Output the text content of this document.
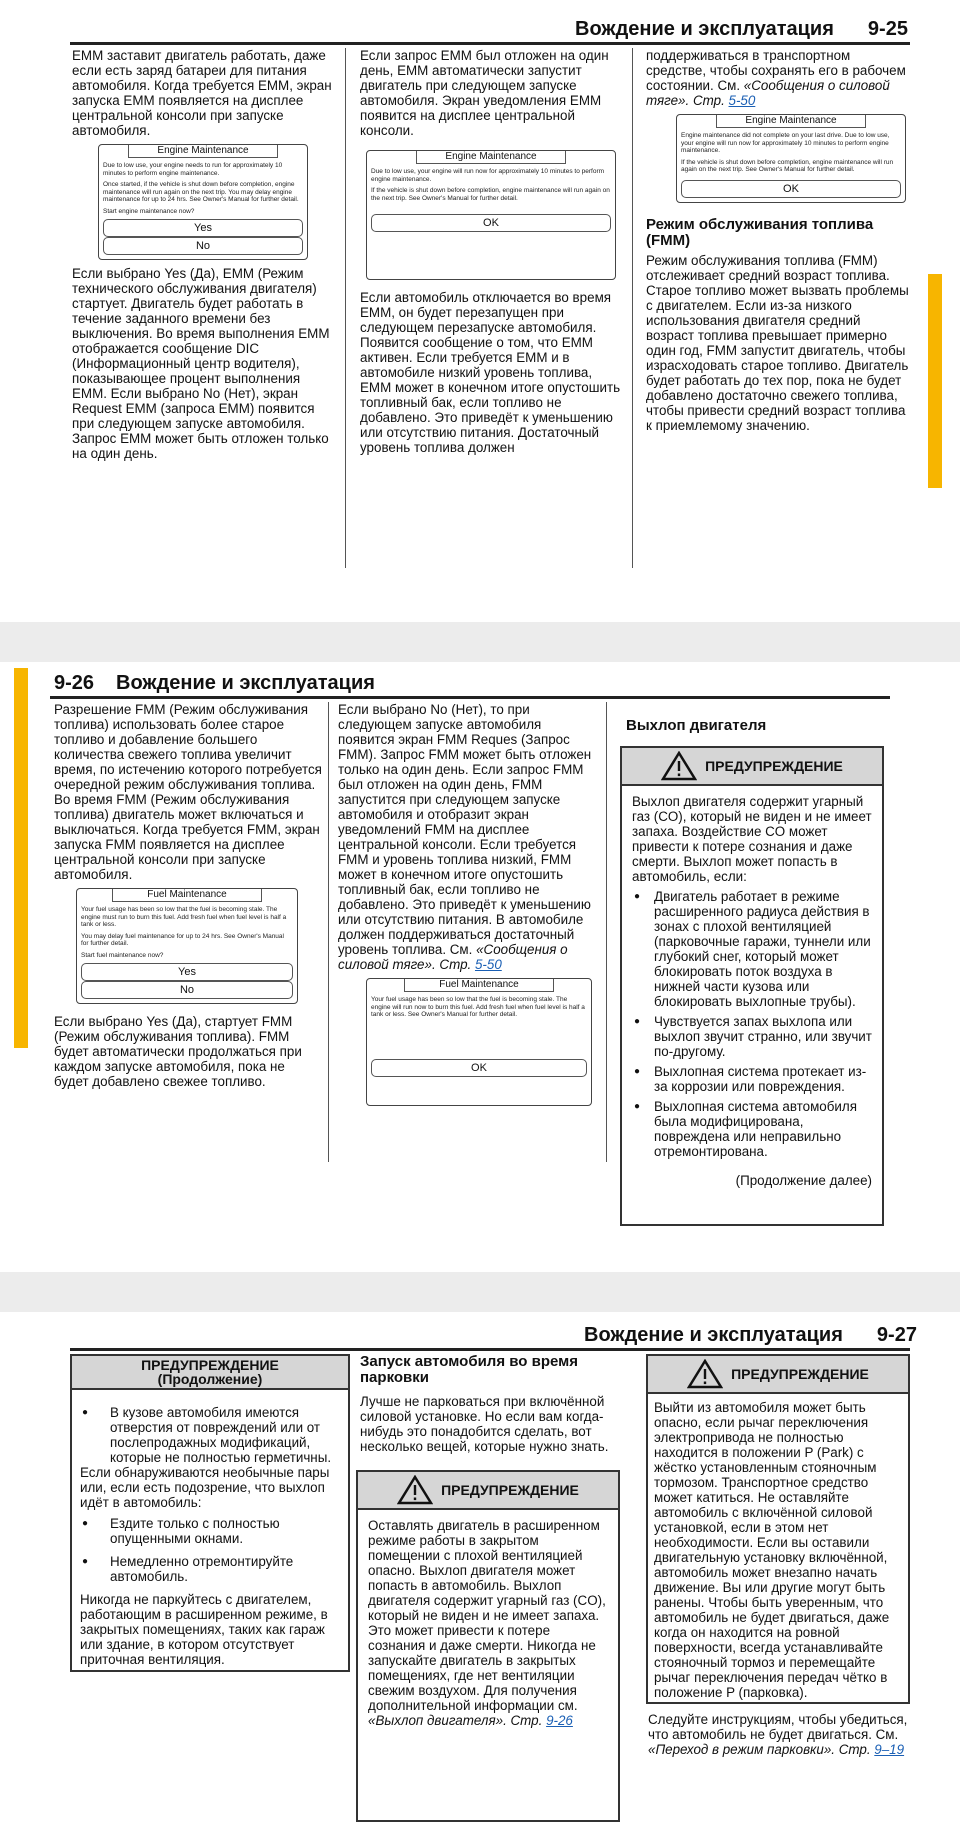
Вождение и эксплуатация 9-25

EMM заставит двигатель работать, даже если есть заряд батареи для питания автомобиля. Когда требуется EMM, экран запуска EMM появляется на дисплее центральной консоли при запуске автомобиля.

Engine Maintenance
Due to low use, your engine needs to run for approximately 10 minutes to perform engine maintenance.
Once started, if the vehicle is shut down before completion, engine maintenance will run again on the next trip. You may delay engine maintenance for up to 24 hrs. See Owner's Manual for further detail.
Start engine maintenance now?
Yes
No

Если выбрано Yes (Да), EMM (Режим технического обслуживания двигателя) стартует. Двигатель будет работать в течение заданного времени без выключения. Во время выполнения EMM отображается сообщение DIC (Информационный центр водителя), показывающее процент выполнения EMM. Если выбрано No (Нет), экран Request EMM (запроса EMM) появится при следующем запуске автомобиля. Запрос EMM может быть отложен только на один день.

Если запрос EMM был отложен на один день, EMM автоматически запустит двигатель при следующем запуске автомобиля. Экран уведомления EMM появится на дисплее центральной консоли.

Engine Maintenance
Due to low use, your engine will run now for approximately 10 minutes to perform engine maintenance.
If the vehicle is shut down before completion, engine maintenance will run again on the next trip. See Owner's Manual for further detail.
OK

Если автомобиль отключается во время EMM, он будет перезапущен при следующем перезапуске автомобиля. Появится сообщение о том, что EMM активен. Если требуется EMM и в автомобиле низкий уровень топлива, EMM может в конечном итоге опустошить топливный бак, если топливо не добавлено. Это приведёт к уменьшению или отсутствию питания. Достаточный уровень топлива должен

поддерживаться в транспортном средстве, чтобы сохранять его в рабочем состоянии. См. «Сообщения о силовой тяге». Стр. 5-50

Engine Maintenance
Engine maintenance did not complete on your last drive. Due to low use, your engine will run now for approximately 10 minutes to perform engine maintenance.
If the vehicle is shut down before completion, engine maintenance will run again on the next trip. See Owner's Manual for further detail.
OK
Режим обслуживания топлива (FMM)

Режим обслуживания топлива (FMM) отслеживает средний возраст топлива. Старое топливо может вызвать проблемы с двигателем. Если из-за низкого использования двигателя средний возраст топлива превышает примерно один год, FMM запустит двигатель, чтобы израсходовать старое топливо. Двигатель будет работать до тех пор, пока не будет добавлено достаточно свежего топлива, чтобы привести средний возраст топлива к приемлемому значению.

9-26 Вождение и эксплуатация

Разрешение FMM (Режим обслуживания топлива) использовать более старое топливо и добавление большего количества свежего топлива увеличит время, по истечению которого потребуется очередной режим обслуживания топлива. Во время FMM (Режим обслуживания топлива) двигатель может включаться и выключаться. Когда требуется FMM, экран запуска FMM появляется на дисплее центральной консоли при запуске автомобиля.

Fuel Maintenance
Your fuel usage has been so low that the fuel is becoming stale. The engine must run to burn this fuel. Add fresh fuel when fuel level is half a tank or less.
You may delay fuel maintenance for up to 24 hrs. See Owner's Manual for further detail.
Start fuel maintenance now?
Yes
No

Если выбрано Yes (Да), стартует FMM (Режим обслуживания топлива). FMM будет автоматически продолжаться при каждом запуске автомобиля, пока не будет добавлено свежее топливо.

Если выбрано No (Нет), то при следующем запуске автомобиля появится экран FMM Reques (Запрос FMM). Запрос FMM может быть отложен только на один день. Если запрос FMM был отложен на один день, FMM запустится при следующем запуске автомобиля и отобразит экран уведомлений FMM на дисплее центральной консоли. Если требуется FMM и уровень топлива низкий, FMM может в конечном итоге опустошить топливный бак, если топливо не добавлено. Это приведёт к уменьшению или отсутствию питания. В автомобиле должен поддерживаться достаточный уровень топлива. См. «Сообщения о силовой тяге». Стр. 5-50

Fuel Maintenance
Your fuel usage has been so low that the fuel is becoming stale. The engine will run now to burn this fuel. Add fresh fuel when fuel level is half a tank or less. See Owner's Manual for further detail.
OK
Выхлоп двигателя
ПРЕДУПРЕЖДЕНИЕ

Выхлоп двигателя содержит угарный газ (CO), который не виден и не имеет запаха. Воздействие CO может привести к потере сознания и даже смерти. Выхлоп может попасть в автомобиль, если:

● Двигатель работает в режиме расширенного радиуса действия в зонах с плохой вентиляцией (парковочные гаражи, туннели или глубокий снег, который может блокировать поток воздуха в нижней части кузова или блокировать выхлопные трубы).
● Чувствуется запах выхлопа или выхлоп звучит странно, или звучит по-другому.
● Выхлопная система протекает из-за коррозии или повреждения.
● Выхлопная система автомобиля была модифицирована, повреждена или неправильно отремонтирована.

(Продолжение далее)

Вождение и эксплуатация 9-27
ПРЕДУПРЕЖДЕНИЕ
(Продолжение)
● В кузове автомобиля имеются отверстия от повреждений или от послепродажных модификаций, которые не полностью герметичны.

Если обнаруживаются необычные пары или, если есть подозрение, что выхлоп идёт в автомобиль:

● Ездите только с полностью опущенными окнами.
● Немедленно отремонтируйте автомобиль.

Никогда не паркуйтесь с двигателем, работающим в расширенном режиме, в закрытых помещениях, таких как гараж или здание, в котором отсутствует приточная вентиляция.

Запуск автомобиля во время парковки

Лучше не парковаться при включённой силовой установке. Но если вам когда-нибудь это понадобится сделать, вот несколько вещей, которые нужно знать.

ПРЕДУПРЕЖДЕНИЕ

Оставлять двигатель в расширенном режиме работы в закрытом помещении с плохой вентиляцией опасно. Выхлоп двигателя может попасть в автомобиль. Выхлоп двигателя содержит угарный газ (CO), который не виден и не имеет запаха. Это может привести к потере сознания и даже смерти. Никогда не запускайте двигатель в закрытых помещениях, где нет вентиляции свежим воздухом. Для получения дополнительной информации см. «Выхлоп двигателя». Стр. 9-26

ПРЕДУПРЕЖДЕНИЕ

Выйти из автомобиля может быть опасно, если рычаг переключения электропривода не полностью находится в положении P (Park) с жёстко установленным стояночным тормозом. Транспортное средство может катиться. Не оставляйте автомобиль с включённой силовой установкой, если в этом нет необходимости. Если вы оставили двигательную установку включённой, автомобиль может внезапно начать движение. Вы или другие могут быть ранены. Чтобы быть уверенным, что автомобиль не будет двигаться, даже когда он находится на ровной поверхности, всегда устанавливайте стояночный тормоз и перемещайте рычаг переключения передач чётко в положение P (парковка).

Следуйте инструкциям, чтобы убедиться, что автомобиль не будет двигаться. См. «Переход в режим парковки». Стр. 9–19
